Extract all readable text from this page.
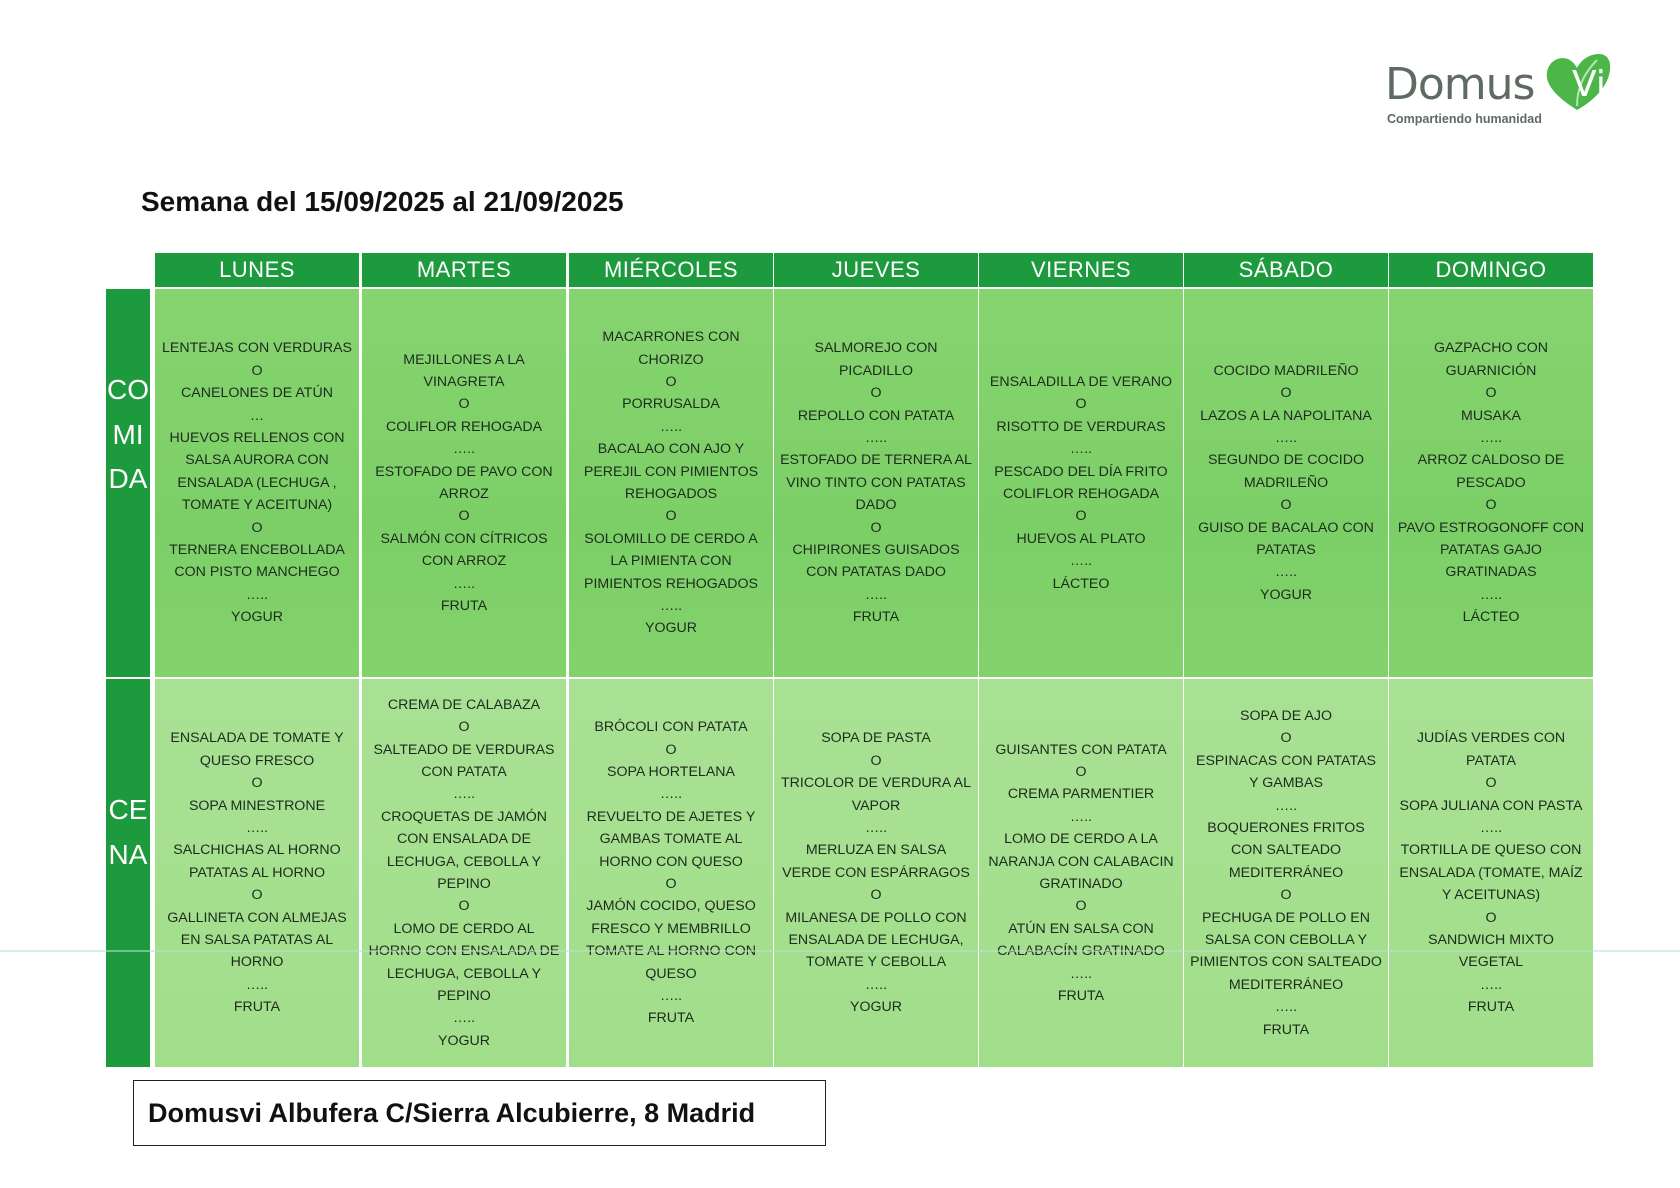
Domus Vi
Compartiendo humanidad
Semana del 15/09/2025 al 21/09/2025
LUNES
LENTEJAS CON VERDURAS
O
CANELONES DE ATÚN
…
HUEVOS RELLENOS CON SALSA AURORA CON ENSALADA (LECHUGA , TOMATE Y ACEITUNA)
O
TERNERA ENCEBOLLADA CON PISTO MANCHEGO
…..
YOGUR
ENSALADA DE TOMATE Y QUESO FRESCO
O
SOPA MINESTRONE
…..
SALCHICHAS AL HORNO PATATAS AL HORNO
O
GALLINETA CON ALMEJAS EN SALSA PATATAS AL HORNO
…..
FRUTA
MARTES
MEJILLONES A LA VINAGRETA
O
COLIFLOR REHOGADA
…..
ESTOFADO DE PAVO CON ARROZ
O
SALMÓN CON CÍTRICOS CON ARROZ
…..
FRUTA
CREMA DE CALABAZA
O
SALTEADO DE VERDURAS CON PATATA
…..
CROQUETAS DE JAMÓN CON ENSALADA DE LECHUGA, CEBOLLA Y PEPINO
O
LOMO DE CERDO AL LECHUGA, CEBOLLA Y PEPINO
…..
YOGUR
MIÉRCOLES
MACARRONES CON CHORIZO
O
PORRUSALDA
…..
BACALAO CON AJO Y PEREJIL CON PIMIENTOS REHOGADOS
O
SOLOMILLO DE CERDO A LA PIMIENTA CON PIMIENTOS REHOGADOS
…..
YOGUR
BRÓCOLI CON PATATA
O
SOPA HORTELANA
…..
REVUELTO DE AJETES Y GAMBAS TOMATE AL HORNO CON QUESO
O
JAMÓN COCIDO, QUESO FRESCO Y MEMBRILLO QUESO
…..
FRUTA
JUEVES
SALMOREJO CON PICADILLO
O
REPOLLO CON PATATA
…..
ESTOFADO DE TERNERA AL VINO TINTO CON PATATAS DADO
O
CHIPIRONES GUISADOS CON PATATAS DADO
…..
FRUTA
SOPA DE PASTA
O
TRICOLOR DE VERDURA AL VAPOR
…..
MERLUZA EN SALSA VERDE CON ESPÁRRAGOS
O
MILANESA DE POLLO CON ENSALADA DE LECHUGA, TOMATE Y CEBOLLA
…..
YOGUR
VIERNES
ENSALADILLA DE VERANO
O
RISOTTO DE VERDURAS
…..
PESCADO DEL DÍA FRITO COLIFLOR REHOGADA
O
HUEVOS AL PLATO
…..
LÁCTEO
GUISANTES CON PATATA
O
CREMA PARMENTIER
…..
LOMO DE CERDO A LA NARANJA CON CALABACIN GRATINADO
O
ATÚN EN SALSA CON
…..
FRUTA
SÁBADO
COCIDO MADRILEÑO
O
LAZOS A LA NAPOLITANA
…..
SEGUNDO DE COCIDO MADRILEÑO
O
GUISO DE BACALAO CON PATATAS
…..
YOGUR
SOPA DE AJO
O
ESPINACAS CON PATATAS Y GAMBAS
…..
BOQUERONES FRITOS CON SALTEADO MEDITERRÁNEO
O
PECHUGA DE POLLO EN SALSA CON CEBOLLA Y PIMIENTOS CON SALTEADO MEDITERRÁNEO
…..
FRUTA
DOMINGO
GAZPACHO CON GUARNICIÓN
O
MUSAKA
…..
ARROZ CALDOSO DE PESCADO
O
PAVO ESTROGONOFF CON PATATAS GAJO GRATINADAS
…..
LÁCTEO
JUDÍAS VERDES CON PATATA
O
SOPA JULIANA CON PASTA
…..
TORTILLA DE QUESO CON ENSALADA (TOMATE, MAÍZ Y ACEITUNAS)
O
SANDWICH MIXTO VEGETAL
…..
FRUTA
COMIDA
CENA
Domusvi Albufera C/Sierra Alcubierre, 8 Madrid
